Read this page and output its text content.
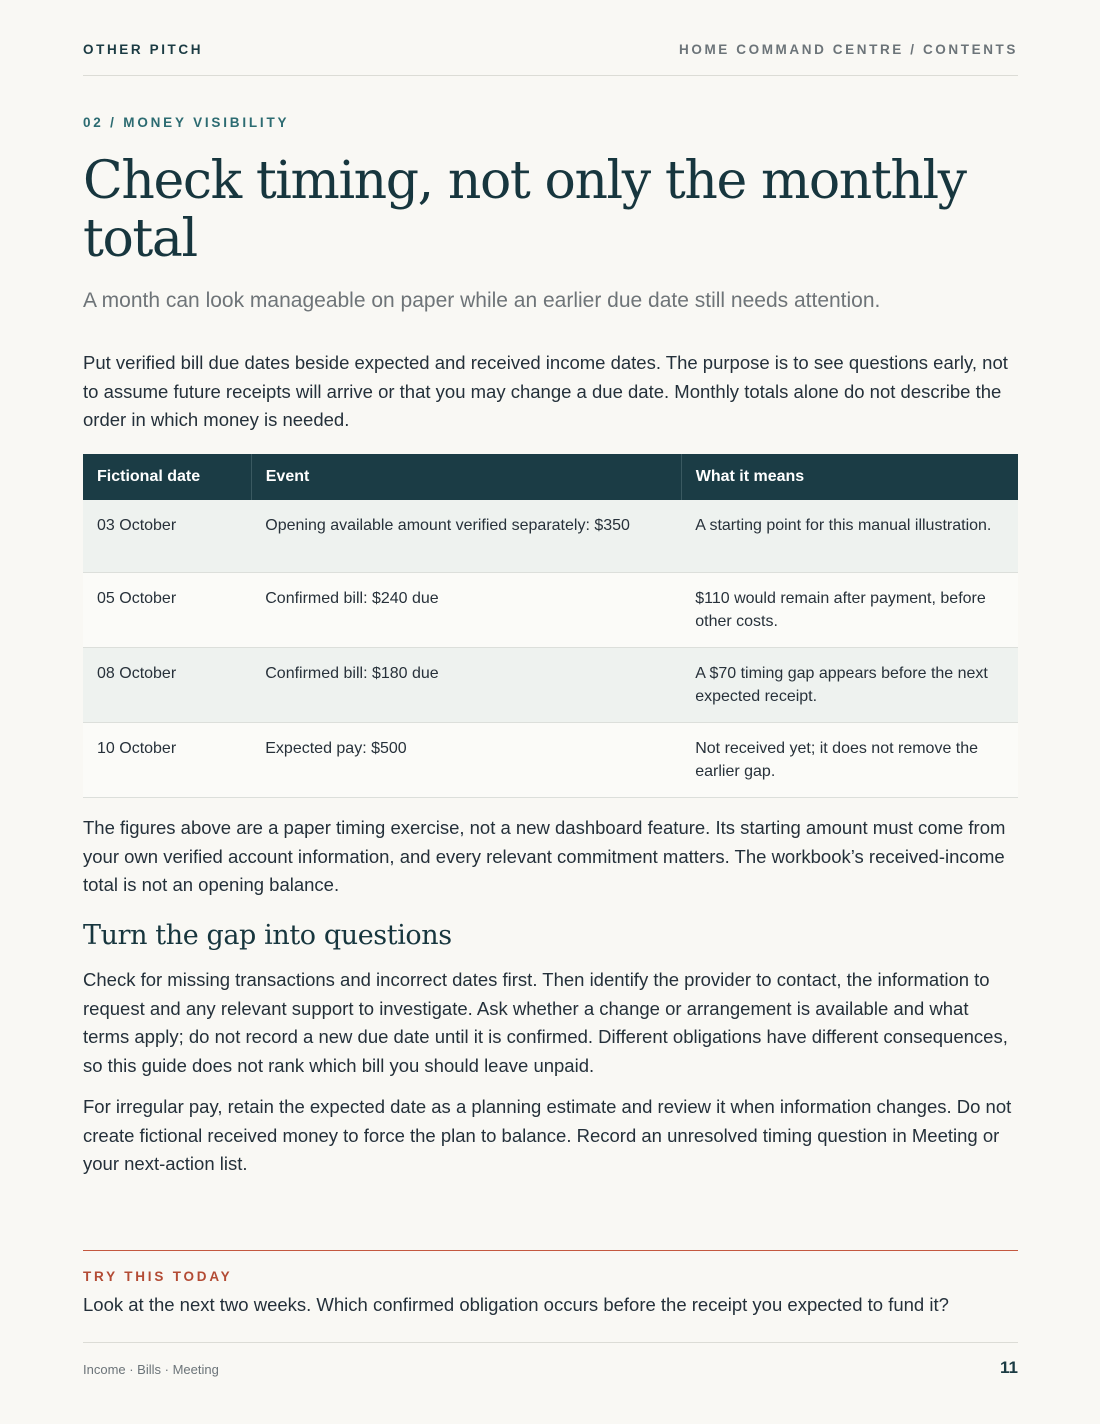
OTHER PITCH	HOME COMMAND CENTRE / CONTENTS
02 / MONEY VISIBILITY
Check timing, not only the monthly total
A month can look manageable on paper while an earlier due date still needs attention.

Put verified bill due dates beside expected and received income dates. The purpose is to see questions early, not to assume future receipts will arrive or that you may change a due date. Monthly totals alone do not describe the order in which money is needed.

Fictional date	Event	What it means
03 October	Opening available amount verified separately: $350	A starting point for this manual illustration.
05 October	Confirmed bill: $240 due	$110 would remain after payment, before other costs.
08 October	Confirmed bill: $180 due	A $70 timing gap appears before the next expected receipt.
10 October	Expected pay: $500	Not received yet; it does not remove the earlier gap.

The figures above are a paper timing exercise, not a new dashboard feature. Its starting amount must come from your own verified account information, and every relevant commitment matters. The workbook’s received-income total is not an opening balance.

Turn the gap into questions

Check for missing transactions and incorrect dates first. Then identify the provider to contact, the information to request and any relevant support to investigate. Ask whether a change or arrangement is available and what terms apply; do not record a new due date until it is confirmed. Different obligations have different consequences, so this guide does not rank which bill you should leave unpaid.

For irregular pay, retain the expected date as a planning estimate and review it when information changes. Do not create fictional received money to force the plan to balance. Record an unresolved timing question in Meeting or your next-action list.

TRY THIS TODAY
Look at the next two weeks. Which confirmed obligation occurs before the receipt you expected to fund it?
Income · Bills · Meeting	11
